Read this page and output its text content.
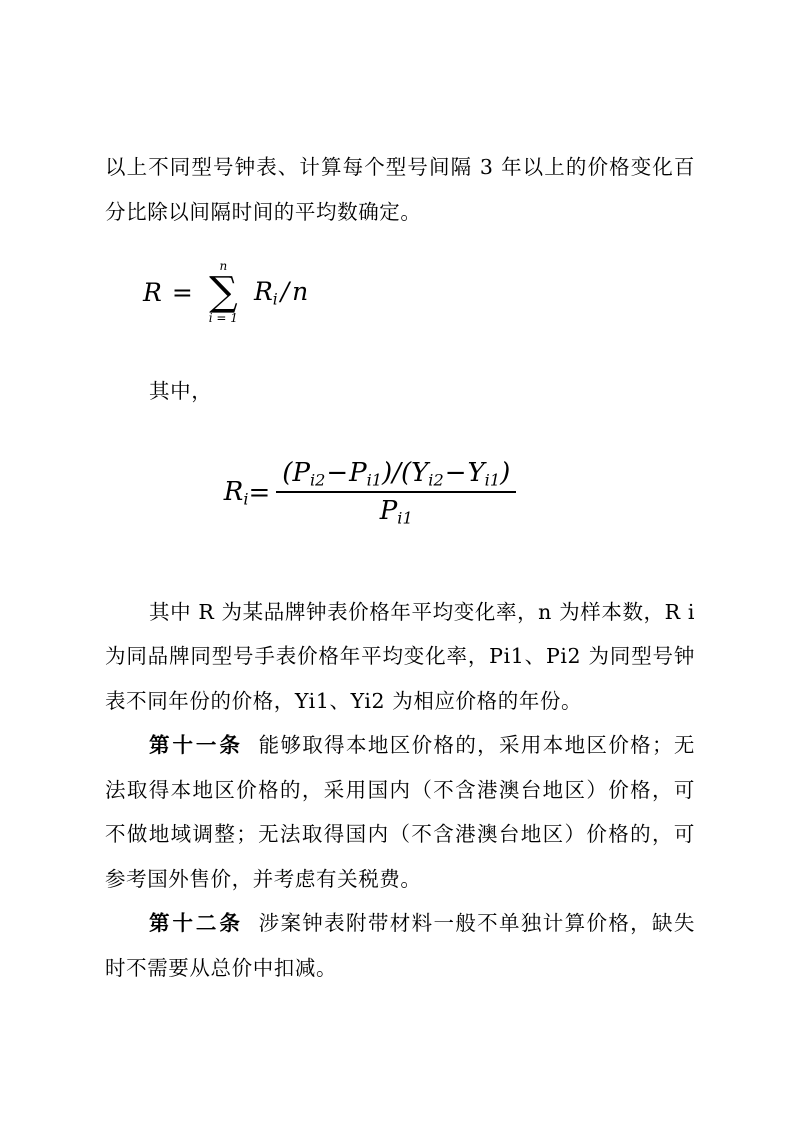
以上不同型号钟表、计算每个型号间隔 3 年以上的价格变化百分比除以间隔时间的平均数确定。

R =
n
∑
i = 1
$R_i$ / n

其中，

$R_i = \frac{(P_{i2}-P_{i1})/(Y_{i2}-Y_{i1})}{P_{i1}}$

其中 R 为某品牌钟表价格年平均变化率，n 为样本数，R i 为同品牌同型号手表价格年平均变化率，Pi1、Pi2 为同型号钟表不同年份的价格，Yi1、Yi2 为相应价格的年份。

第十一条 能够取得本地区价格的，采用本地区价格；无法取得本地区价格的，采用国内（不含港澳台地区）价格，可不做地域调整；无法取得国内（不含港澳台地区）价格的，可参考国外售价，并考虑有关税费。

第十二条 涉案钟表附带材料一般不单独计算价格，缺失时不需要从总价中扣减。
